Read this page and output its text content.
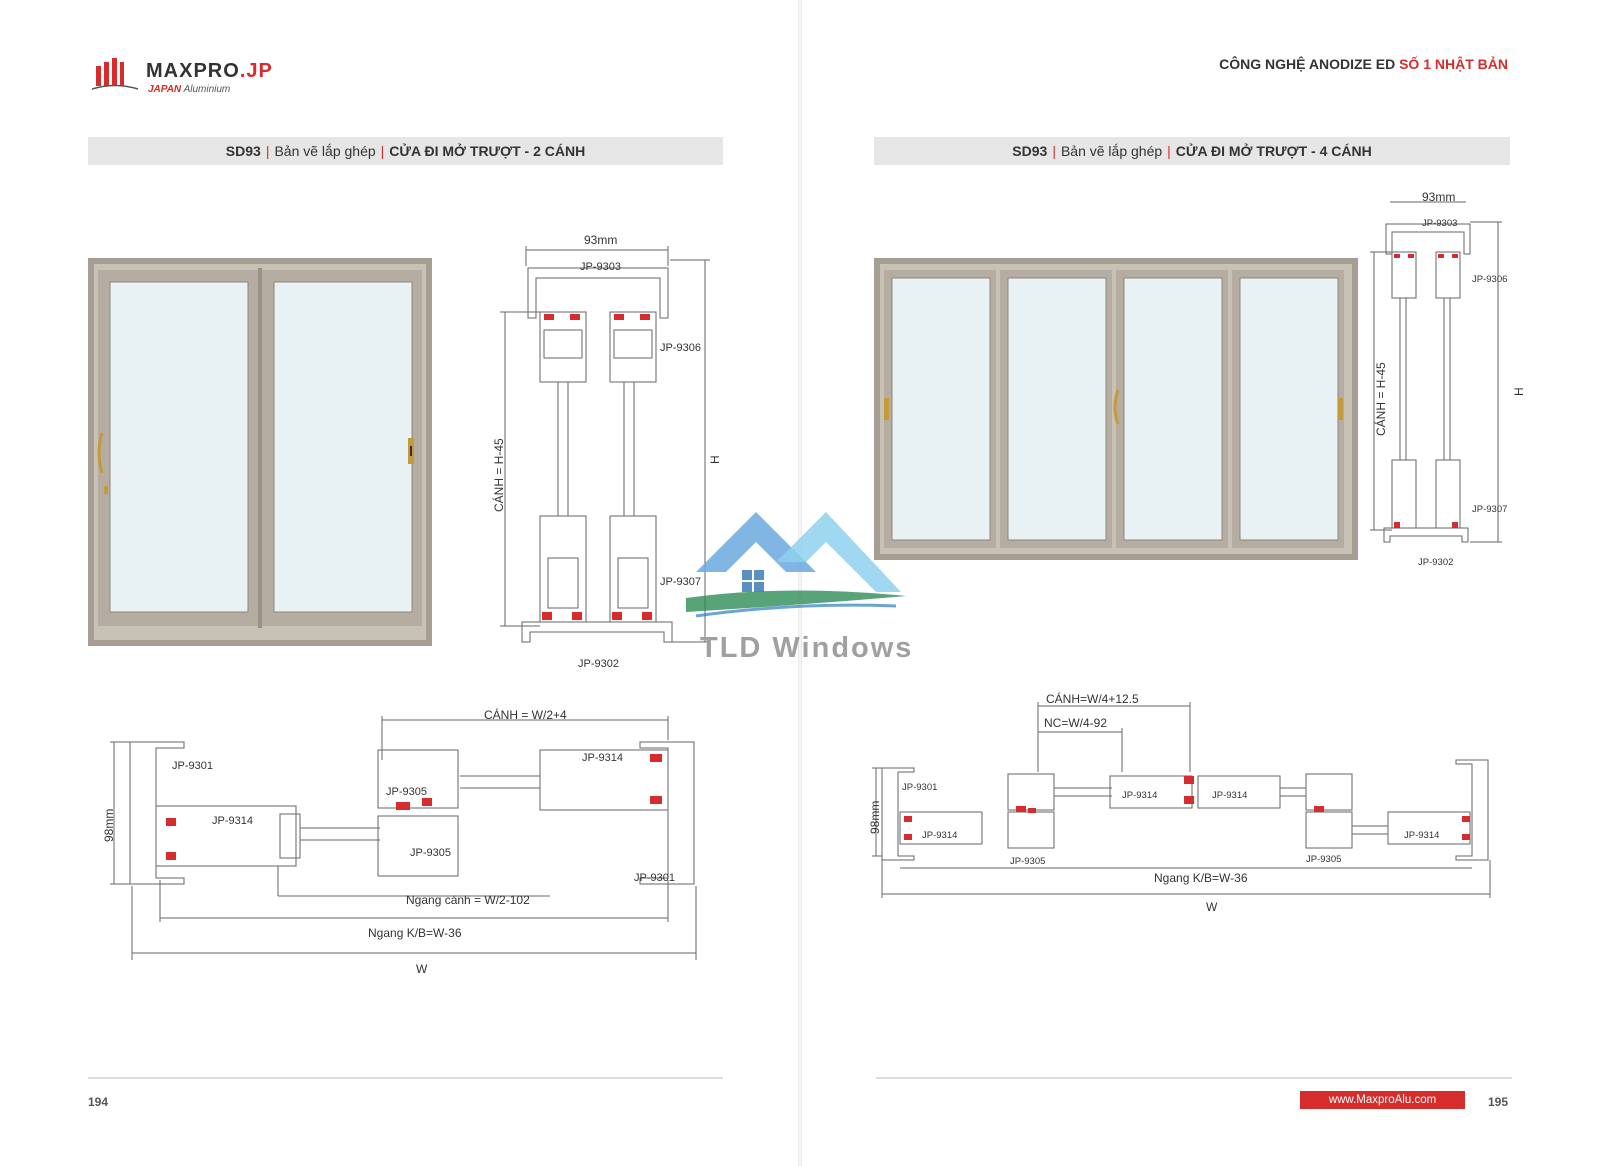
MAXPRO.JP
JAPAN Aluminium
SD93 | Bản vẽ lắp ghép | CỬA ĐI MỞ TRƯỢT - 2 CÁNH
93mm
JP-9303
JP-9306
JP-9307
JP-9302
CÁNH = H-45	H
CÁNH = W/2+4
JP-9301
JP-9305
JP-9314
JP-9314
JP-9305
JP-9301
98mm
Ngang cánh = W/2-102
Ngang K/B=W-36
W
194
CÔNG NGHỆ ANODIZE ED SỐ 1 NHẬT BẢN
SD93 | Bản vẽ lắp ghép | CỬA ĐI MỞ TRƯỢT - 4 CÁNH
93mm
JP-9303
JP-9306
JP-9307
JP-9302
CÁNH = H-45	H
CÁNH=W/4+12.5
NC=W/4-92
JP-9301
JP-9314	JP-9314
JP-9314	JP-9314
JP-9305	JP-9305
98mm
Ngang K/B=W-36
W
www.MaxproAlu.com	195
TLD Windows
